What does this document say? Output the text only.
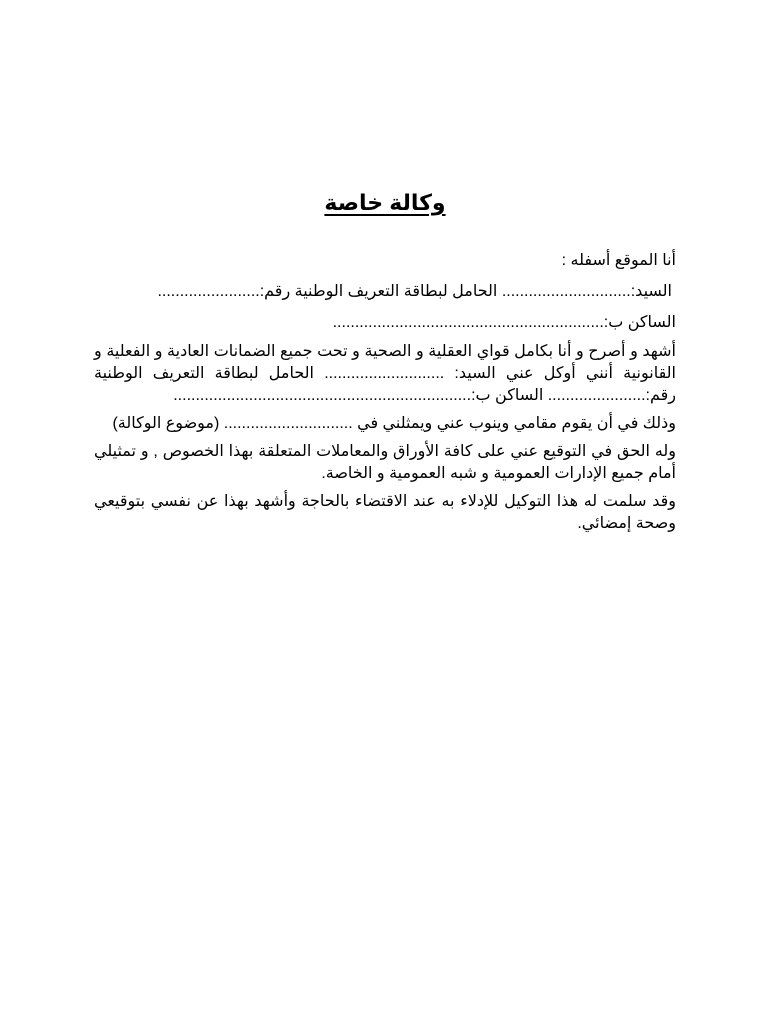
وكالة خاصة

أنا الموقع أسفله :

السيد:............................. الحامل لبطاقة التعريف الوطنية رقم:.......................

الساكن ب:.............................................................

أشهد و أصرح و أنا بكامل قواي العقلية و الصحية و تحت جميع الضمانات العادية و الفعلية و القانونية أنني أوكل عني السيد: ........................... الحامل لبطاقة التعريف الوطنية رقم:...................... الساكن ب:...................................................................

وذلك في أن يقوم مقامي وينوب عني ويمثلني في ............................. (موضوع الوكالة)

وله الحق في التوقيع عني على كافة الأوراق والمعاملات المتعلقة بهذا الخصوص , و تمثيلي أمام جميع الإدارات العمومية و شبه العمومية و الخاصة.

وقد سلمت له هذا التوكيل للإدلاء به عند الاقتضاء بالحاجة وأشهد بهذا عن نفسي بتوقيعي وصحة إمضائي.
